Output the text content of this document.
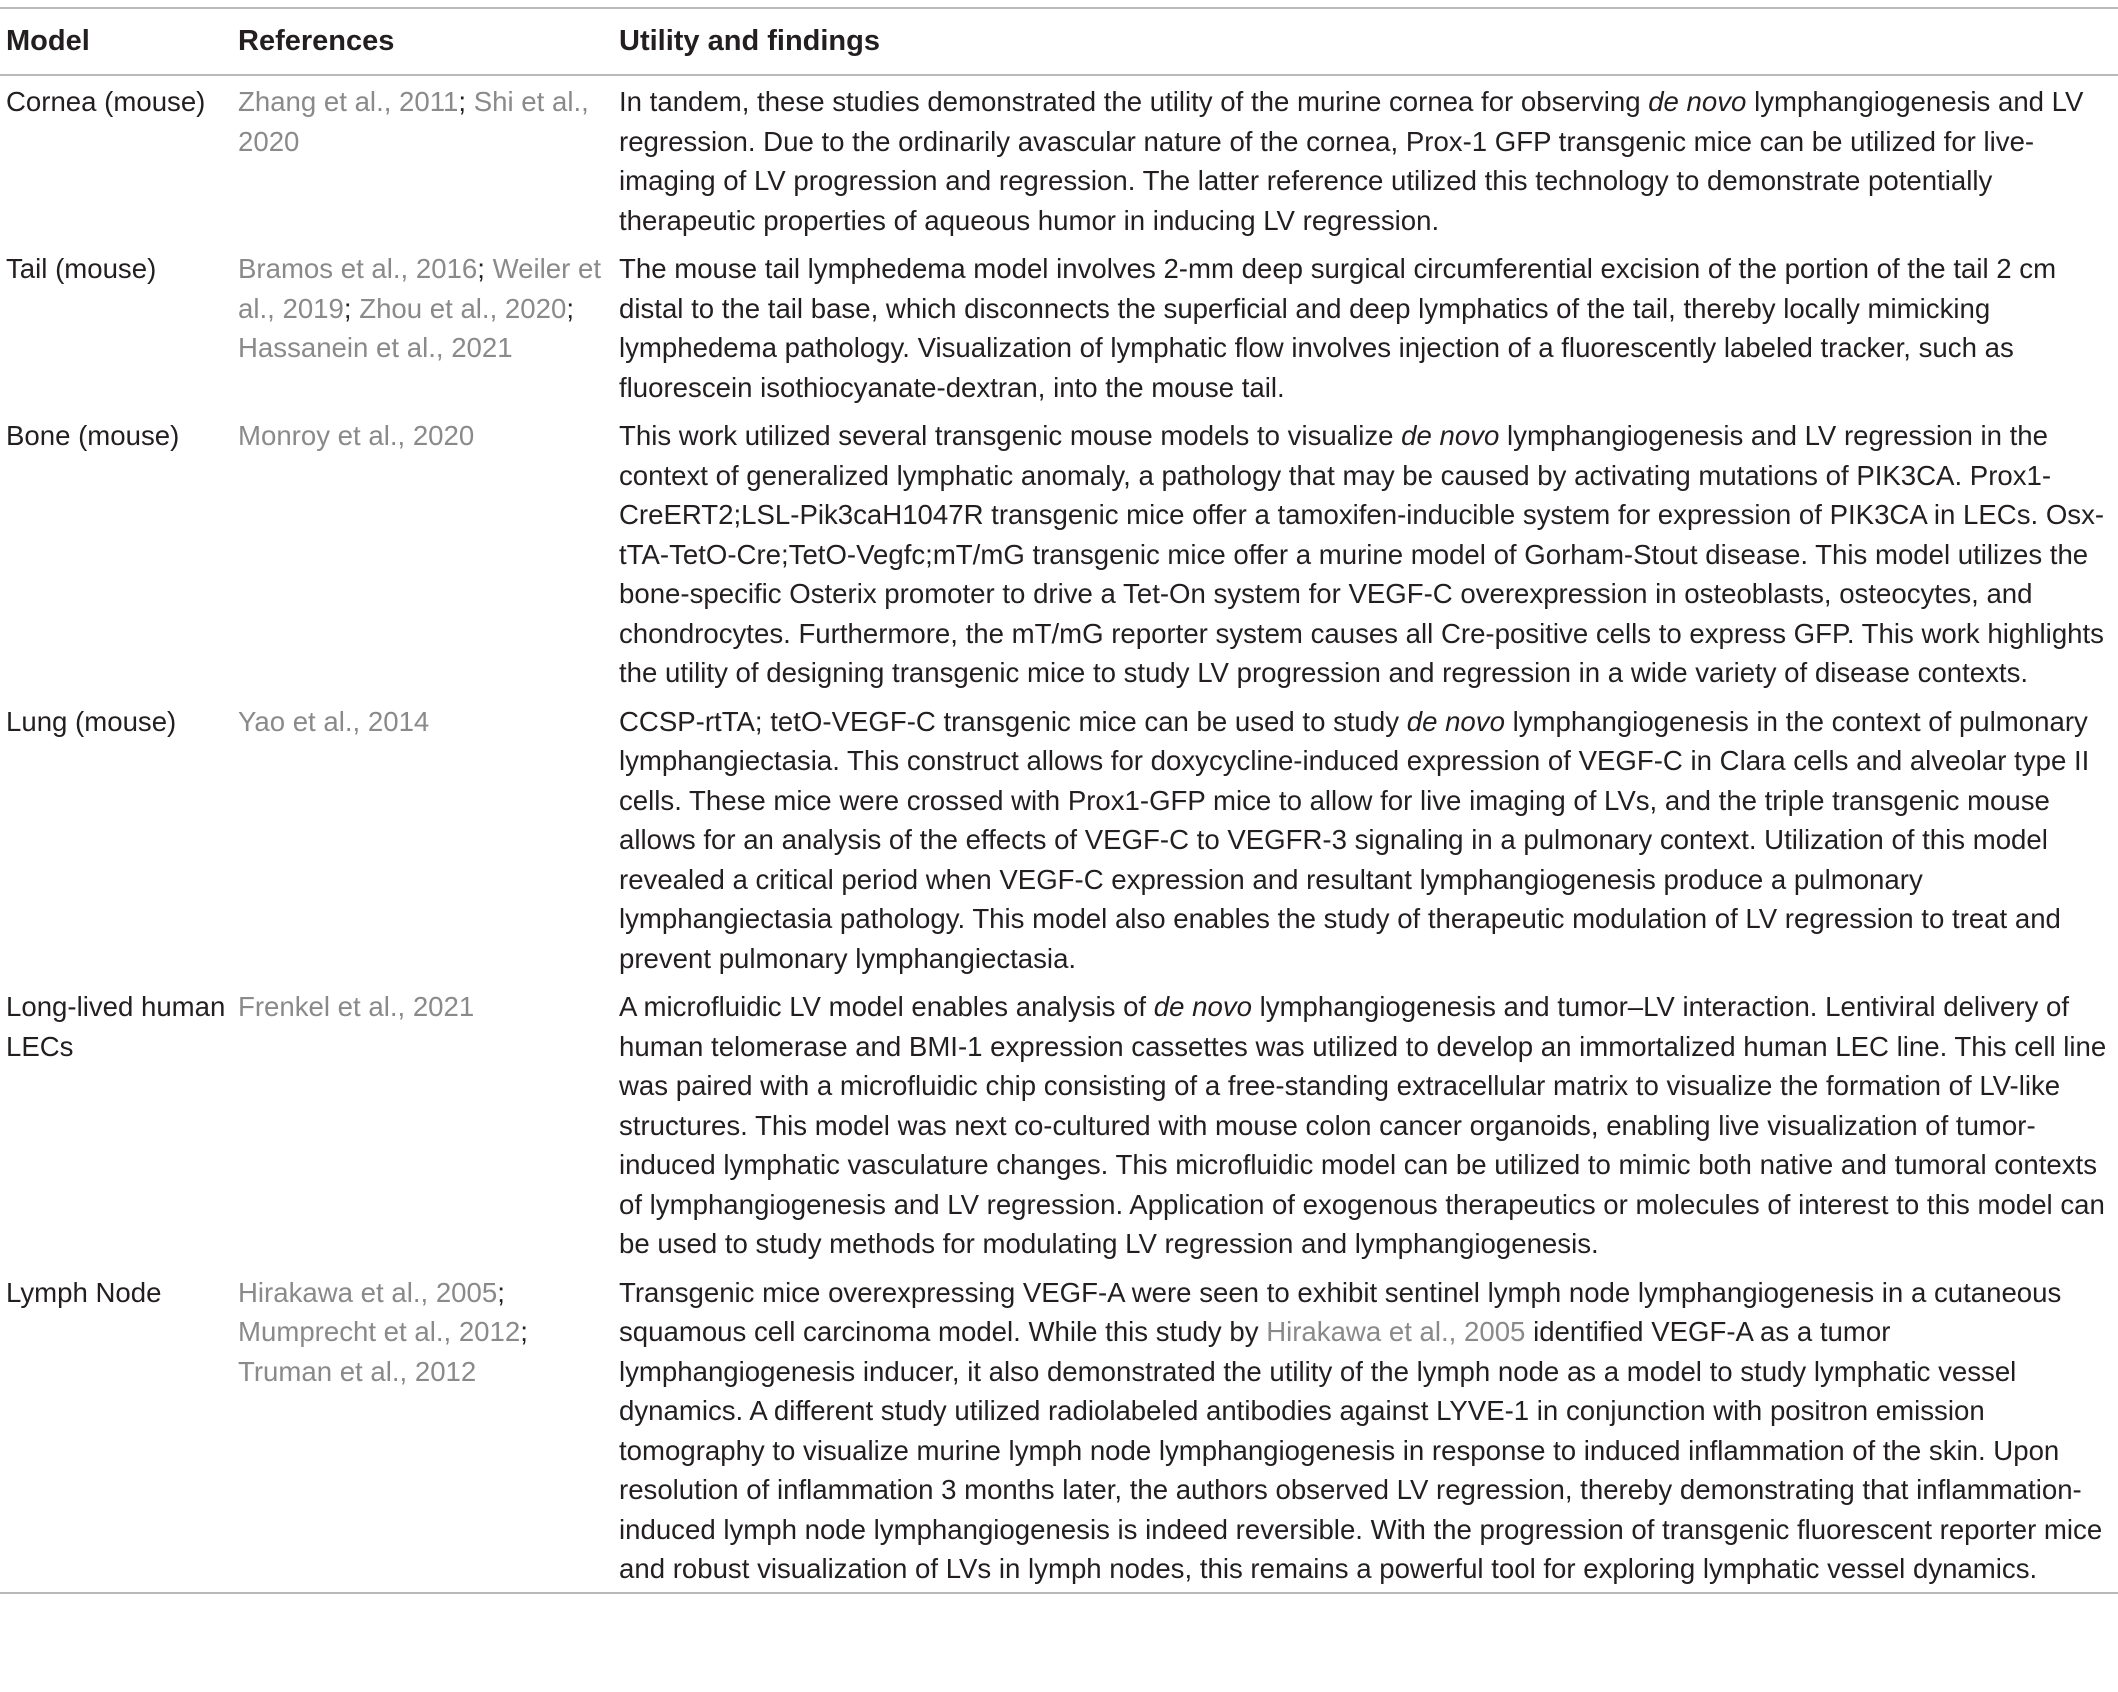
Model	References	Utility and findings
Cornea (mouse)	Zhang et al., 2011; Shi et al., 2020	In tandem, these studies demonstrated the utility of the murine cornea for observing de novo lymphangiogenesis and LV regression. Due to the ordinarily avascular nature of the cornea, Prox-1 GFP transgenic mice can be utilized for live-imaging of LV progression and regression. The latter reference utilized this technology to demonstrate potentially therapeutic properties of aqueous humor in inducing LV regression.
Tail (mouse)	Bramos et al., 2016; Weiler et al., 2019; Zhou et al., 2020; Hassanein et al., 2021	The mouse tail lymphedema model involves 2-mm deep surgical circumferential excision of the portion of the tail 2 cm distal to the tail base, which disconnects the superficial and deep lymphatics of the tail, thereby locally mimicking lymphedema pathology. Visualization of lymphatic flow involves injection of a fluorescently labeled tracker, such as fluorescein isothiocyanate-dextran, into the mouse tail.
Bone (mouse)	Monroy et al., 2020	This work utilized several transgenic mouse models to visualize de novo lymphangiogenesis and LV regression in the context of generalized lymphatic anomaly, a pathology that may be caused by activating mutations of PIK3CA. Prox1-CreERT2;LSL-Pik3caH1047R transgenic mice offer a tamoxifen-inducible system for expression of PIK3CA in LECs. Osx-tTA-TetO-Cre;TetO-Vegfc;mT/mG transgenic mice offer a murine model of Gorham-Stout disease. This model utilizes the bone-specific Osterix promoter to drive a Tet-On system for VEGF-C overexpression in osteoblasts, osteocytes, and chondrocytes. Furthermore, the mT/mG reporter system causes all Cre-positive cells to express GFP. This work highlights the utility of designing transgenic mice to study LV progression and regression in a wide variety of disease contexts.
Lung (mouse)	Yao et al., 2014	CCSP-rtTA; tetO-VEGF-C transgenic mice can be used to study de novo lymphangiogenesis in the context of pulmonary lymphangiectasia. This construct allows for doxycycline-induced expression of VEGF-C in Clara cells and alveolar type II cells. These mice were crossed with Prox1-GFP mice to allow for live imaging of LVs, and the triple transgenic mouse allows for an analysis of the effects of VEGF-C to VEGFR-3 signaling in a pulmonary context. Utilization of this model revealed a critical period when VEGF-C expression and resultant lymphangiogenesis produce a pulmonary lymphangiectasia pathology. This model also enables the study of therapeutic modulation of LV regression to treat and prevent pulmonary lymphangiectasia.
Long-lived human LECs	Frenkel et al., 2021	A microfluidic LV model enables analysis of de novo lymphangiogenesis and tumor–LV interaction. Lentiviral delivery of human telomerase and BMI-1 expression cassettes was utilized to develop an immortalized human LEC line. This cell line was paired with a microfluidic chip consisting of a free-standing extracellular matrix to visualize the formation of LV-like structures. This model was next co-cultured with mouse colon cancer organoids, enabling live visualization of tumor-induced lymphatic vasculature changes. This microfluidic model can be utilized to mimic both native and tumoral contexts of lymphangiogenesis and LV regression. Application of exogenous therapeutics or molecules of interest to this model can be used to study methods for modulating LV regression and lymphangiogenesis.
Lymph Node	Hirakawa et al., 2005; Mumprecht et al., 2012; Truman et al., 2012	Transgenic mice overexpressing VEGF-A were seen to exhibit sentinel lymph node lymphangiogenesis in a cutaneous squamous cell carcinoma model. While this study by Hirakawa et al., 2005 identified VEGF-A as a tumor lymphangiogenesis inducer, it also demonstrated the utility of the lymph node as a model to study lymphatic vessel dynamics. A different study utilized radiolabeled antibodies against LYVE-1 in conjunction with positron emission tomography to visualize murine lymph node lymphangiogenesis in response to induced inflammation of the skin. Upon resolution of inflammation 3 months later, the authors observed LV regression, thereby demonstrating that inflammation-induced lymph node lymphangiogenesis is indeed reversible. With the progression of transgenic fluorescent reporter mice and robust visualization of LVs in lymph nodes, this remains a powerful tool for exploring lymphatic vessel dynamics.
